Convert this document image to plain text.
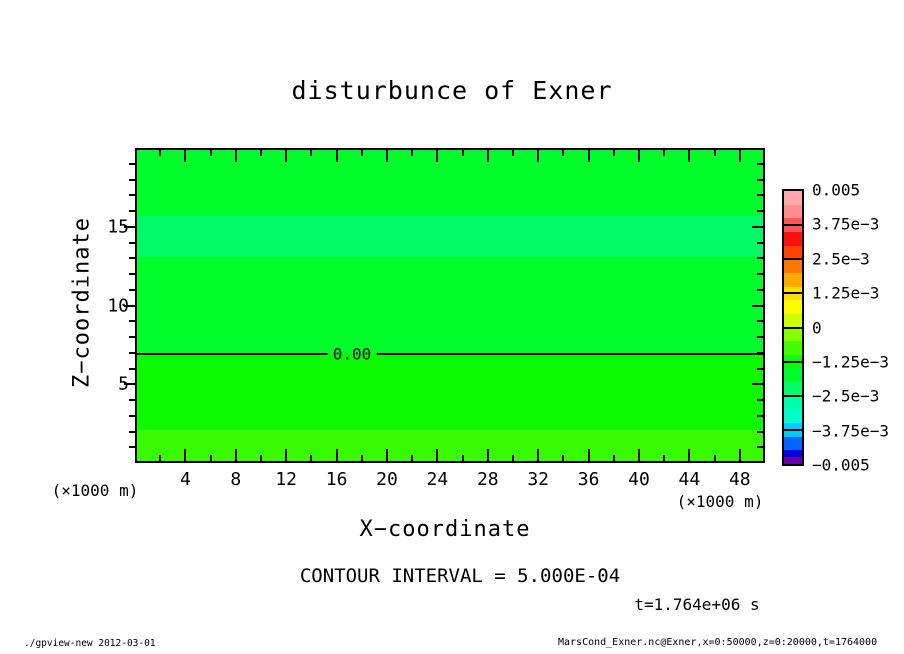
disturbunce of Exner
0.00
X−coordinate
Z−coordinate
(×1000 m)
(×1000 m)
CONTOUR INTERVAL = 5.000E-04
t=1.764e+06 s
./gpview-new 2012-03-01	MarsCond_Exner.nc@Exner,x=0:50000,z=0:20000,t=1764000
4 8 12 16 20 24 28 32 36 40 44 48
5
10
15
0.005
3.75e−3
2.5e−3
1.25e−3
0
−1.25e−3
−2.5e−3
−3.75e−3
−0.005
